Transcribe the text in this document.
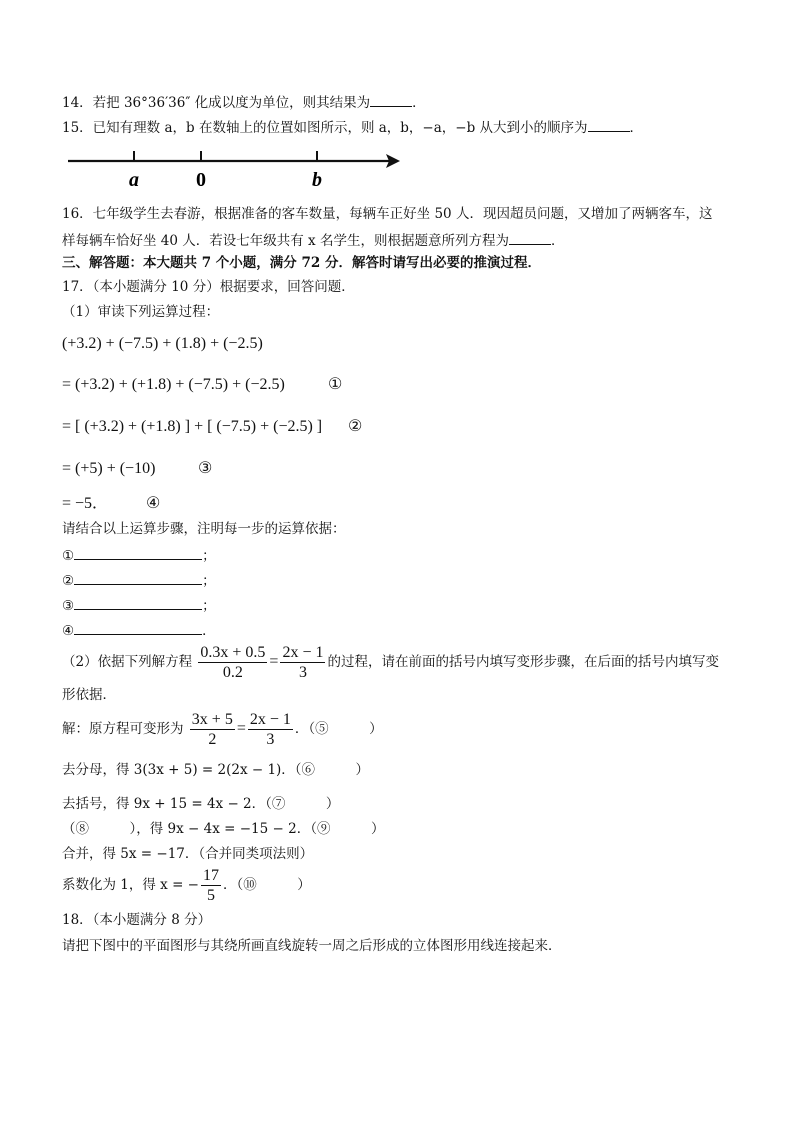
14．若把 36°36′36″ 化成以度为单位，则其结果为	．
15．已知有理数 a，b 在数轴上的位置如图所示，则 a，b，−a，−b 从大到小的顺序为	．
a	0	b
16．七年级学生去春游，根据准备的客车数量，每辆车正好坐 50 人．现因超员问题，又增加了两辆客车，这
样每辆车恰好坐 40 人．若设七年级共有 x 名学生，则根据题意所列方程为	．
三、解答题：本大题共 7 个小题，满分 72 分．解答时请写出必要的推演过程．
17．（本小题满分 10 分）根据要求，回答问题．
（1）审读下列运算过程：
(+3.2) + (−7.5) + (1.8) + (−2.5)
= (+3.2) + (+1.8) + (−7.5) + (−2.5)	①
= [ (+3.2) + (+1.8) ] + [ (−7.5) + (−2.5) ] ②
= (+5) + (−10)	③
= −5． ④
请结合以上运算步骤，注明每一步的运算依据：
①	；
②	；
③	；
④	．
（2）依据下列解方程 $\frac{0.3x + 0.5}{0.2} = \frac{2x - 1}{3}$ 的过程，请在前面的括号内填写变形步骤，在后面的括号内填写变
形依据．
解：原方程可变形为 $\frac{3x + 5}{2} = \frac{2x - 1}{3}$ ．（⑤　　　）
去分母，得 3(3x + 5) = 2(2x − 1)．（⑥　　　）
去括号，得 9x + 15 = 4x − 2．（⑦　　　）
（⑧　　　），得 9x − 4x = −15 − 2．（⑨　　　）
合并，得 5x = −17．（合并同类项法则）
系数化为 1，得 x = − $\frac{17}{5}$ ．（⑩　　　）
18．（本小题满分 8 分）
请把下图中的平面图形与其绕所画直线旋转一周之后形成的立体图形用线连接起来．
